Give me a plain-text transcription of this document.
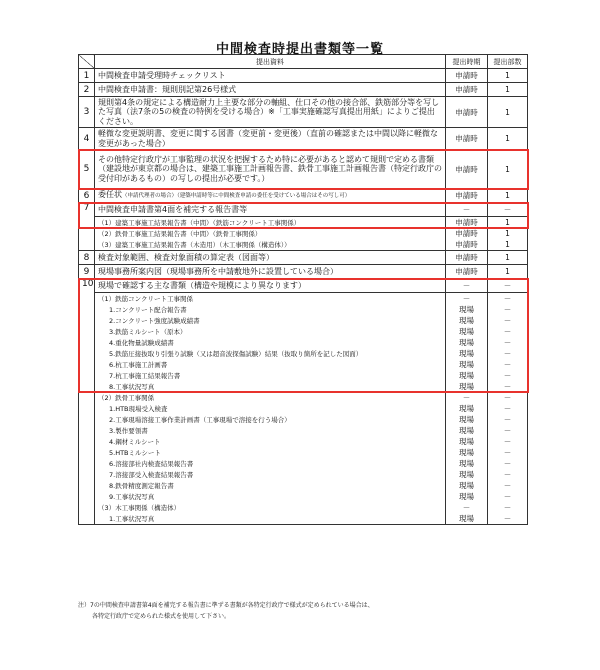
中間検査時提出書類等一覧
	提出資料	提出時期	提出部数
1	中間検査申請受理時チェックリスト	申請時	1
2	中間検査申請書：規則別記第26号様式	申請時	1
3	規則第4条の規定による構造耐力上主要な部分の軸組、仕口その他の接合部、鉄筋部分等を写した写真（法7条の5の検査の特例を受ける場合）※「工事実施確認写真提出用紙」によりご提出ください。	申請時	1
4	軽微な変更説明書、変更に関する図書（変更前・変更後）（直前の確認または中間以降に軽微な変更があった場合）	申請時	1
5	その他特定行政庁が工事監理の状況を把握するため特に必要があると認めて規則で定める書類（建設地が東京都の場合は、建築工事施工計画報告書、鉄骨工事施工計画報告書（特定行政庁の受付印があるもの）の写しの提出が必要です。）	申請時	1
6	委任状（申請代理者の場合）（建築申請時等に中間検査申請の委任を受けている場合はその写し可）	申請時	1
7	中間検査申請書第4面を補完する報告書等	－	－
	（1）建築工事施工結果報告書（中間）（鉄筋コンクリート工事関係）	申請時	1
	（2）鉄骨工事施工結果報告書（中間）（鉄骨工事関係）	申請時	1
	（3）建築工事施工結果報告書（木造用）（木工事関係（構造体））	申請時	1
8	検査対象範囲、検査対象面積の算定表（図面等）	申請時	1
9	現場事務所案内図（現場事務所を中請敷地外に設置している場合）	申請時	1
10	現場で確認する主な書類（構造や規模により異なります）	－	－
	（1）鉄筋コンクリート工事関係	－	－
	1.コンクリート配合報告書	現場	－
	2.コンクリート強度試験成績書	現場	－
	3.鉄筋ミルシート（原本）	現場	－
	4.重化物量試験成績書	現場	－
	5.鉄筋圧接抜取り引張り試験（又は超音波探傷試験）結果（抜取り箇所を記した図面）	現場	－
	6.杭工事施工計画書	現場	－
	7.杭工事施工結果報告書	現場	－
	8.工事状況写真	現場	－
	（2）鉄骨工事関係	－	－
	1.HTB現場受入検査	現場	－
	2.工事現場溶接工事作業計画書（工事現場で溶接を行う場合）	現場	－
	3.製作要領書	現場	－
	4.鋼材ミルシート	現場	－
	5.HTBミルシート	現場	－
	6.溶接部社内検査結果報告書	現場	－
	7.溶接部受入検査結果報告書	現場	－
	8.鉄骨精度測定報告書	現場	－
	9.工事状況写真	現場	－
	（3）木工事関係（構造体）	－	－
	1.工事状況写真	現場	－
注）7の中間検査申請書第4面を補完する報告書に準ずる書類が各特定行政庁で様式が定められている場合は、
各特定行政庁で定められた様式を使用して下さい。
